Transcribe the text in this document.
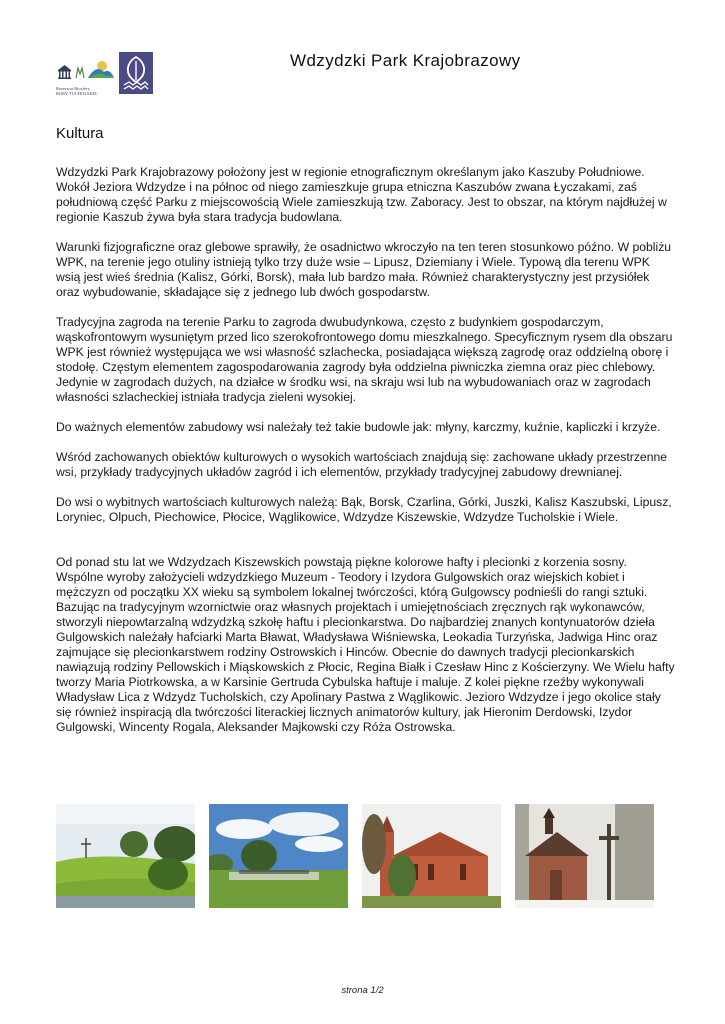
Rezerwat Biosfery
BORY TUCHOLSKIE
Wdzydzki Park Krajobrazowy
Kultura

Wdzydzki Park Krajobrazowy położony jest w regionie etnograficznym określanym jako Kaszuby Południowe. Wokół Jeziora Wdzydze i na północ od niego zamieszkuje grupa etniczna Kaszubów zwana Łyczakami, zaś południową część Parku z miejscowością Wiele zamieszkują tzw. Zaboracy. Jest to obszar, na którym najdłużej w regionie Kaszub żywa była stara tradycja budowlana.

Warunki fizjograficzne oraz glebowe sprawiły, że osadnictwo wkroczyło na ten teren stosunkowo późno. W pobliżu WPK, na terenie jego otuliny istnieją tylko trzy duże wsie – Lipusz, Dziemiany i Wiele. Typową dla terenu WPK wsią jest wieś średnia (Kalisz, Górki, Borsk), mała lub bardzo mała. Również charakterystyczny jest przysiółek oraz wybudowanie, składające się z jednego lub dwóch gospodarstw.

Tradycyjna zagroda na terenie Parku to zagroda dwubudynkowa, często z budynkiem gospodarczym, wąskofrontowym wysuniętym przed lico szerokofrontowego domu mieszkalnego. Specyficznym rysem dla obszaru WPK jest również występująca we wsi własność szlachecka, posiadająca większą zagrodę oraz oddzielną oborę i stodołę. Częstym elementem zagospodarowania zagrody była oddzielna piwniczka ziemna oraz piec chlebowy. Jedynie w zagrodach dużych, na działce w środku wsi, na skraju wsi lub na wybudowaniach oraz w zagrodach własności szlacheckiej istniała tradycja zieleni wysokiej.

Do ważnych elementów zabudowy wsi należały też takie budowle jak: młyny, karczmy, kuźnie, kapliczki i krzyże.

Wśród zachowanych obiektów kulturowych o wysokich wartościach znajdują się: zachowane układy przestrzenne wsi, przykłady tradycyjnych układów zagród i ich elementów, przykłady tradycyjnej zabudowy drewnianej.

Do wsi o wybitnych wartościach kulturowych należą: Bąk, Borsk, Czarlina, Górki, Juszki, Kalisz Kaszubski, Lipusz, Loryniec, Olpuch, Piechowice, Płocice, Wąglikowice, Wdzydze Kiszewskie, Wdzydze Tucholskie i Wiele.

Od ponad stu lat we Wdzydzach Kiszewskich powstają piękne kolorowe hafty i plecionki z korzenia sosny. Wspólne wyroby założycieli wdzydzkiego Muzeum - Teodory i Izydora Gulgowskich oraz wiejskich kobiet i mężczyzn od początku XX wieku są symbolem lokalnej twórczości, którą Gulgowscy podnieśli do rangi sztuki. Bazując na tradycyjnym wzornictwie oraz własnych projektach i umiejętnościach zręcznych rąk wykonawców, stworzyli niepowtarzalną wdzydzką szkołę haftu i plecionkarstwa. Do najbardziej znanych kontynuatorów dzieła Gulgowskich należały hafciarki Marta Bławat, Władysława Wiśniewska, Leokadia Turzyńska, Jadwiga Hinc oraz zajmujące się plecionkarstwem rodziny Ostrowskich i Hinców. Obecnie do dawnych tradycji plecionkarskich nawiązują rodziny Pellowskich i Miąskowskich z Płocic, Regina Białk i Czesław Hinc z Kościerzyny. We Wielu hafty tworzy Maria Piotrkowska, a w Karsinie Gertruda Cybulska haftuje i maluje. Z kolei piękne rzeźby wykonywali Władysław Lica z Wdzydz Tucholskich, czy Apolinary Pastwa z Wąglikowic. Jezioro Wdzydze i jego okolice stały się również inspiracją dla twórczości literackiej licznych animatorów kultury, jak Hieronim Derdowski, Izydor Gulgowski, Wincenty Rogala, Aleksander Majkowski czy Róża Ostrowska.

strona 1/2
